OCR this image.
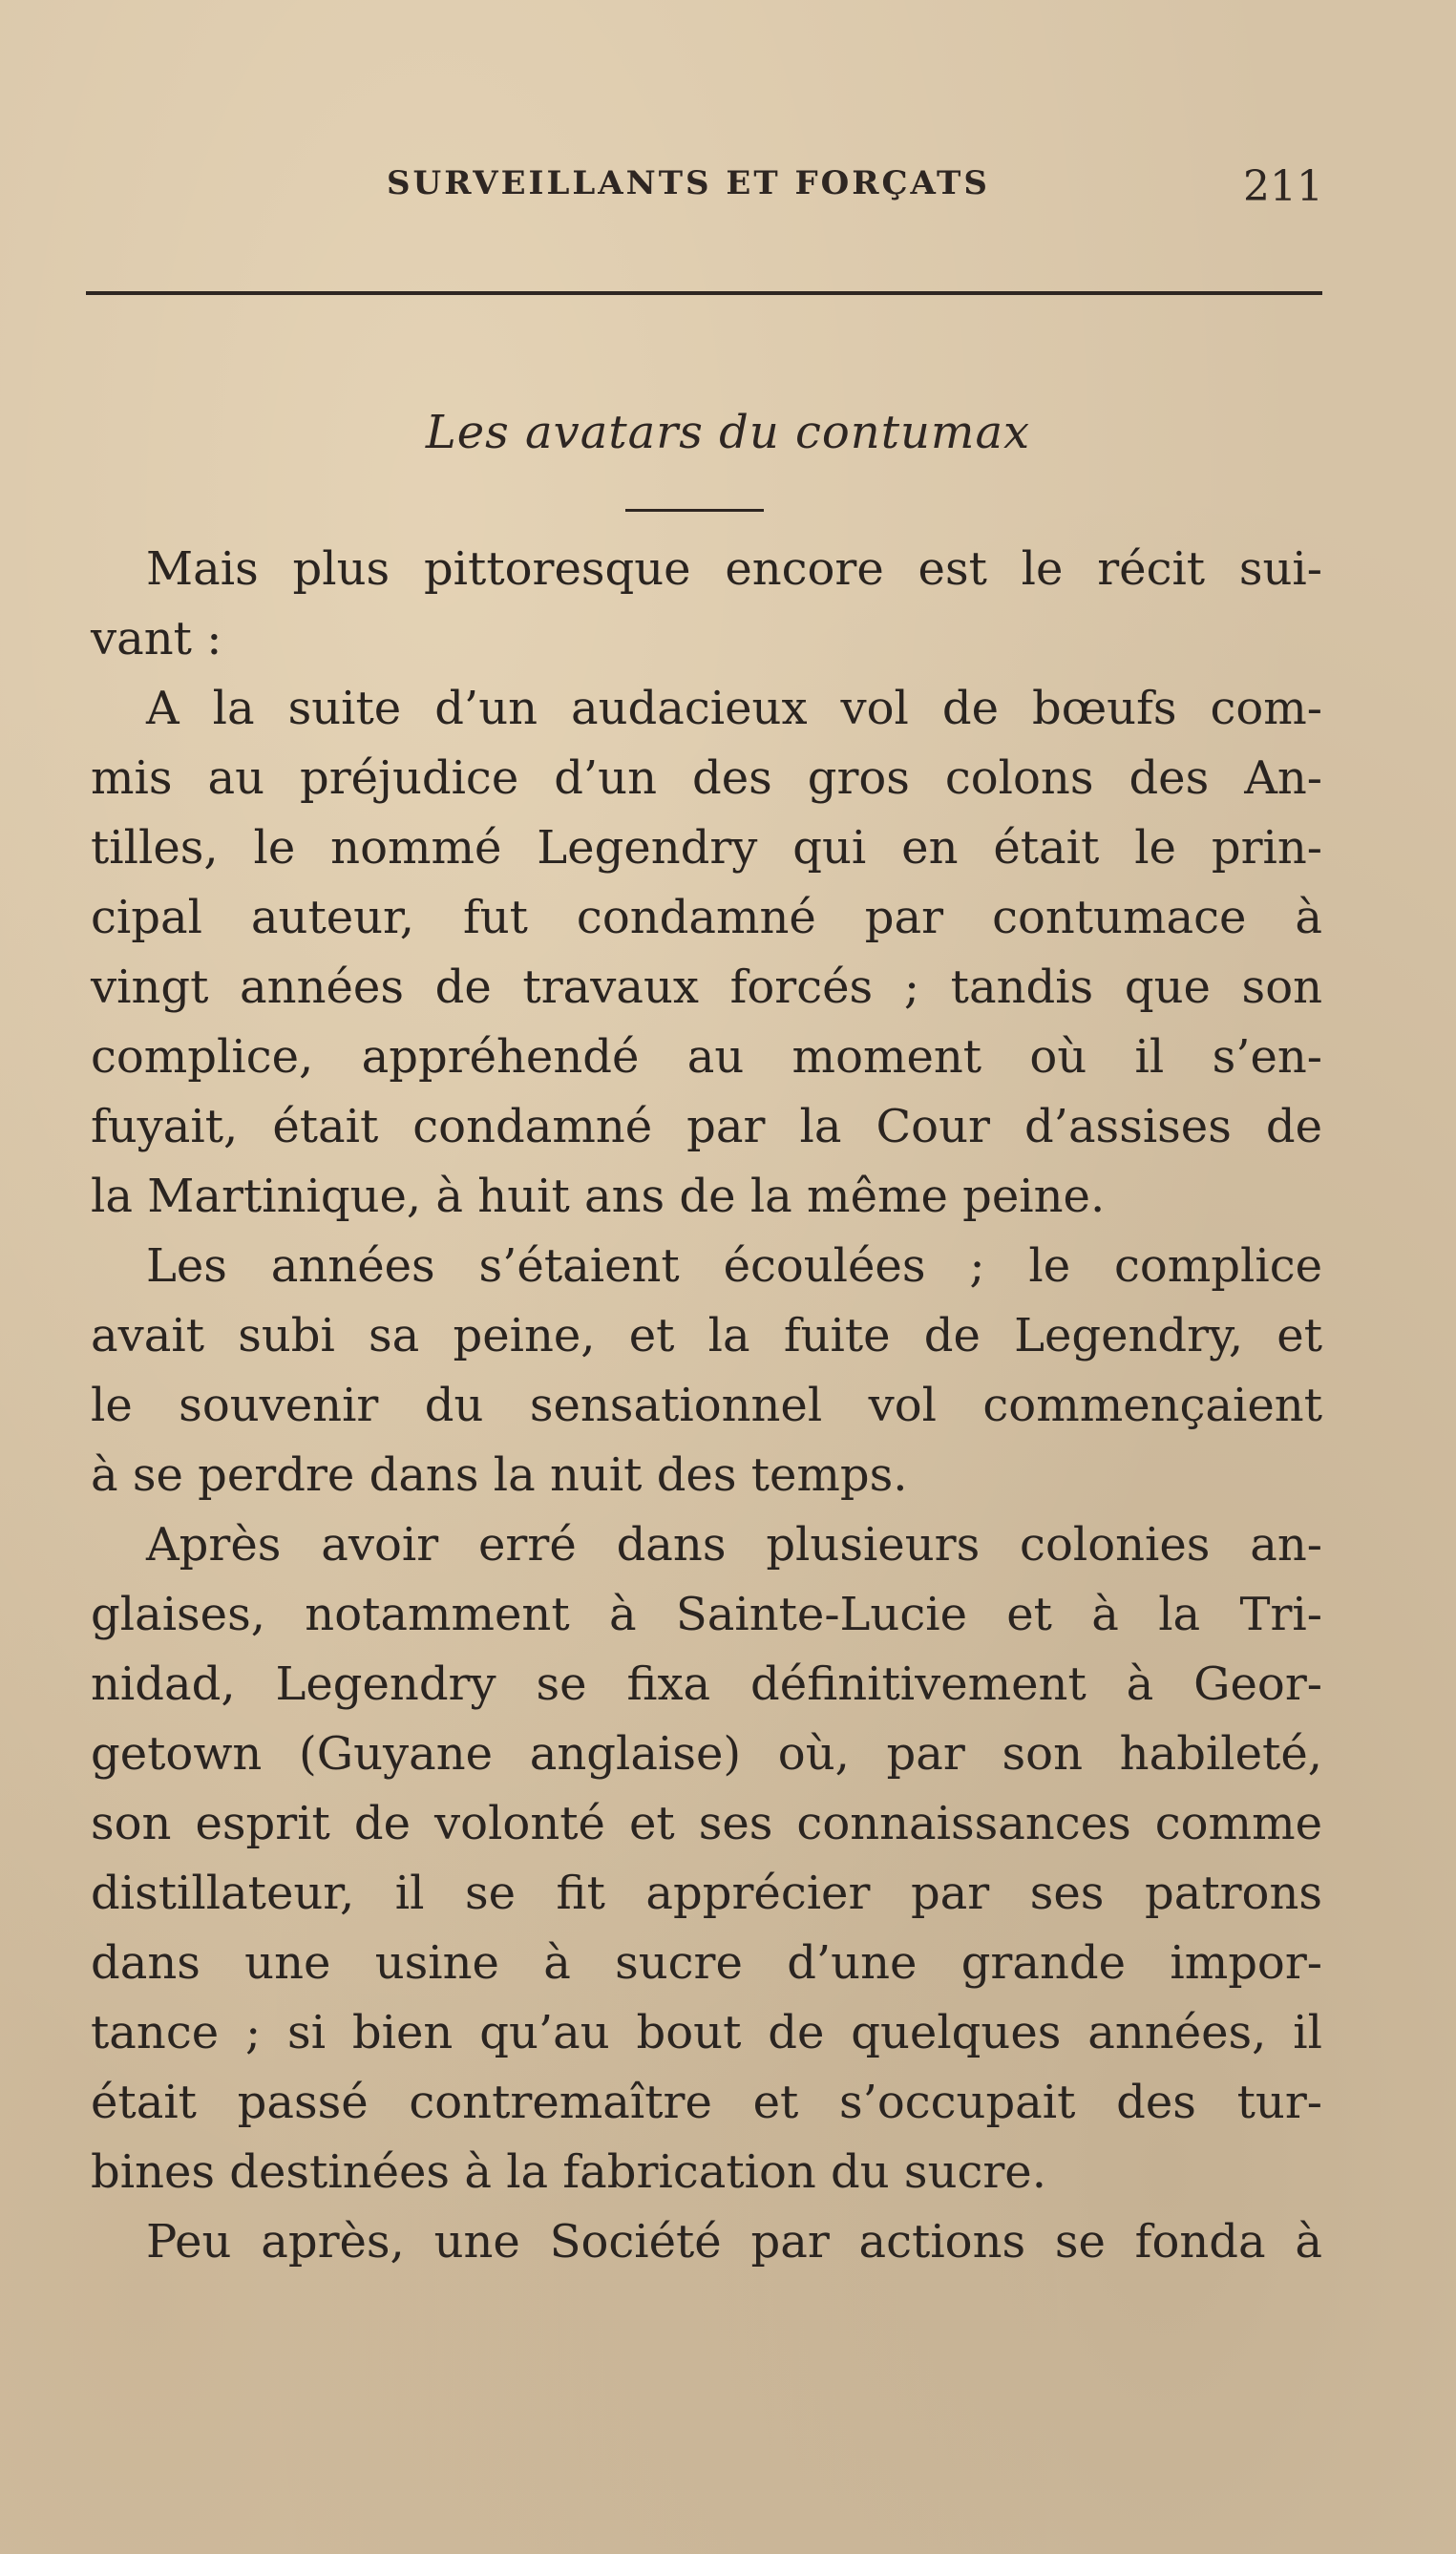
SURVEILLANTS ET FORÇATS	211
Les avatars du contumax
Mais plus pittoresque encore est le récit sui-
vant :
A la suite d’un audacieux vol de bœufs com-
mis au préjudice d’un des gros colons des An-
tilles, le nommé Legendry qui en était le prin-
cipal auteur, fut condamné par contumace à
vingt années de travaux forcés ; tandis que son
complice, appréhendé au moment où il s’en-
fuyait, était condamné par la Cour d’assises de
la Martinique, à huit ans de la même peine.
Les années s’étaient écoulées ; le complice
avait subi sa peine, et la fuite de Legendry, et
le souvenir du sensationnel vol commençaient
à se perdre dans la nuit des temps.
Après avoir erré dans plusieurs colonies an-
glaises, notamment à Sainte-Lucie et à la Tri-
nidad, Legendry se fixa définitivement à Geor-
getown (Guyane anglaise) où, par son habileté,
son esprit de volonté et ses connaissances comme
distillateur, il se fit apprécier par ses patrons
dans une usine à sucre d’une grande impor-
tance ; si bien qu’au bout de quelques années, il
était passé contremaître et s’occupait des tur-
bines destinées à la fabrication du sucre.
Peu après, une Société par actions se fonda à
